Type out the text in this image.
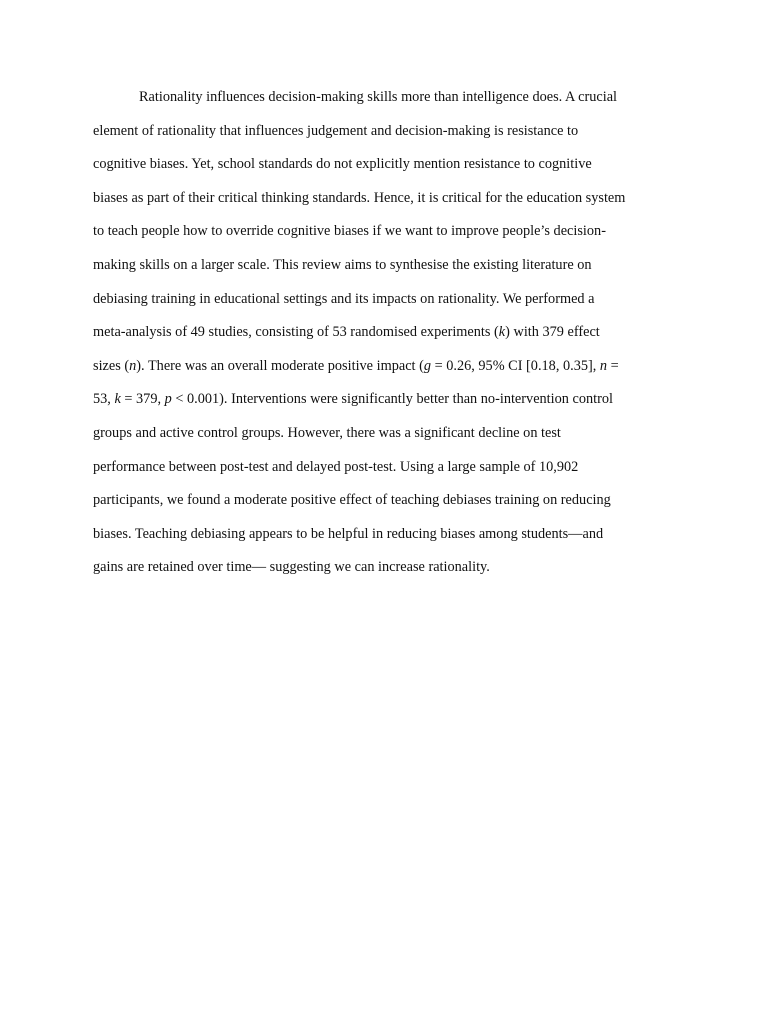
Rationality influences decision-making skills more than intelligence does. A crucial
element of rationality that influences judgement and decision-making is resistance to
cognitive biases. Yet, school standards do not explicitly mention resistance to cognitive
biases as part of their critical thinking standards. Hence, it is critical for the education system
to teach people how to override cognitive biases if we want to improve people’s decision-
making skills on a larger scale. This review aims to synthesise the existing literature on
debiasing training in educational settings and its impacts on rationality. We performed a
meta-analysis of 49 studies, consisting of 53 randomised experiments (k) with 379 effect
sizes (n). There was an overall moderate positive impact (g = 0.26, 95% CI [0.18, 0.35], n =
53, k = 379, p < 0.001). Interventions were significantly better than no-intervention control
groups and active control groups. However, there was a significant decline on test
performance between post-test and delayed post-test. Using a large sample of 10,902
participants, we found a moderate positive effect of teaching debiases training on reducing
biases. Teaching debiasing appears to be helpful in reducing biases among students—and
gains are retained over time— suggesting we can increase rationality.
